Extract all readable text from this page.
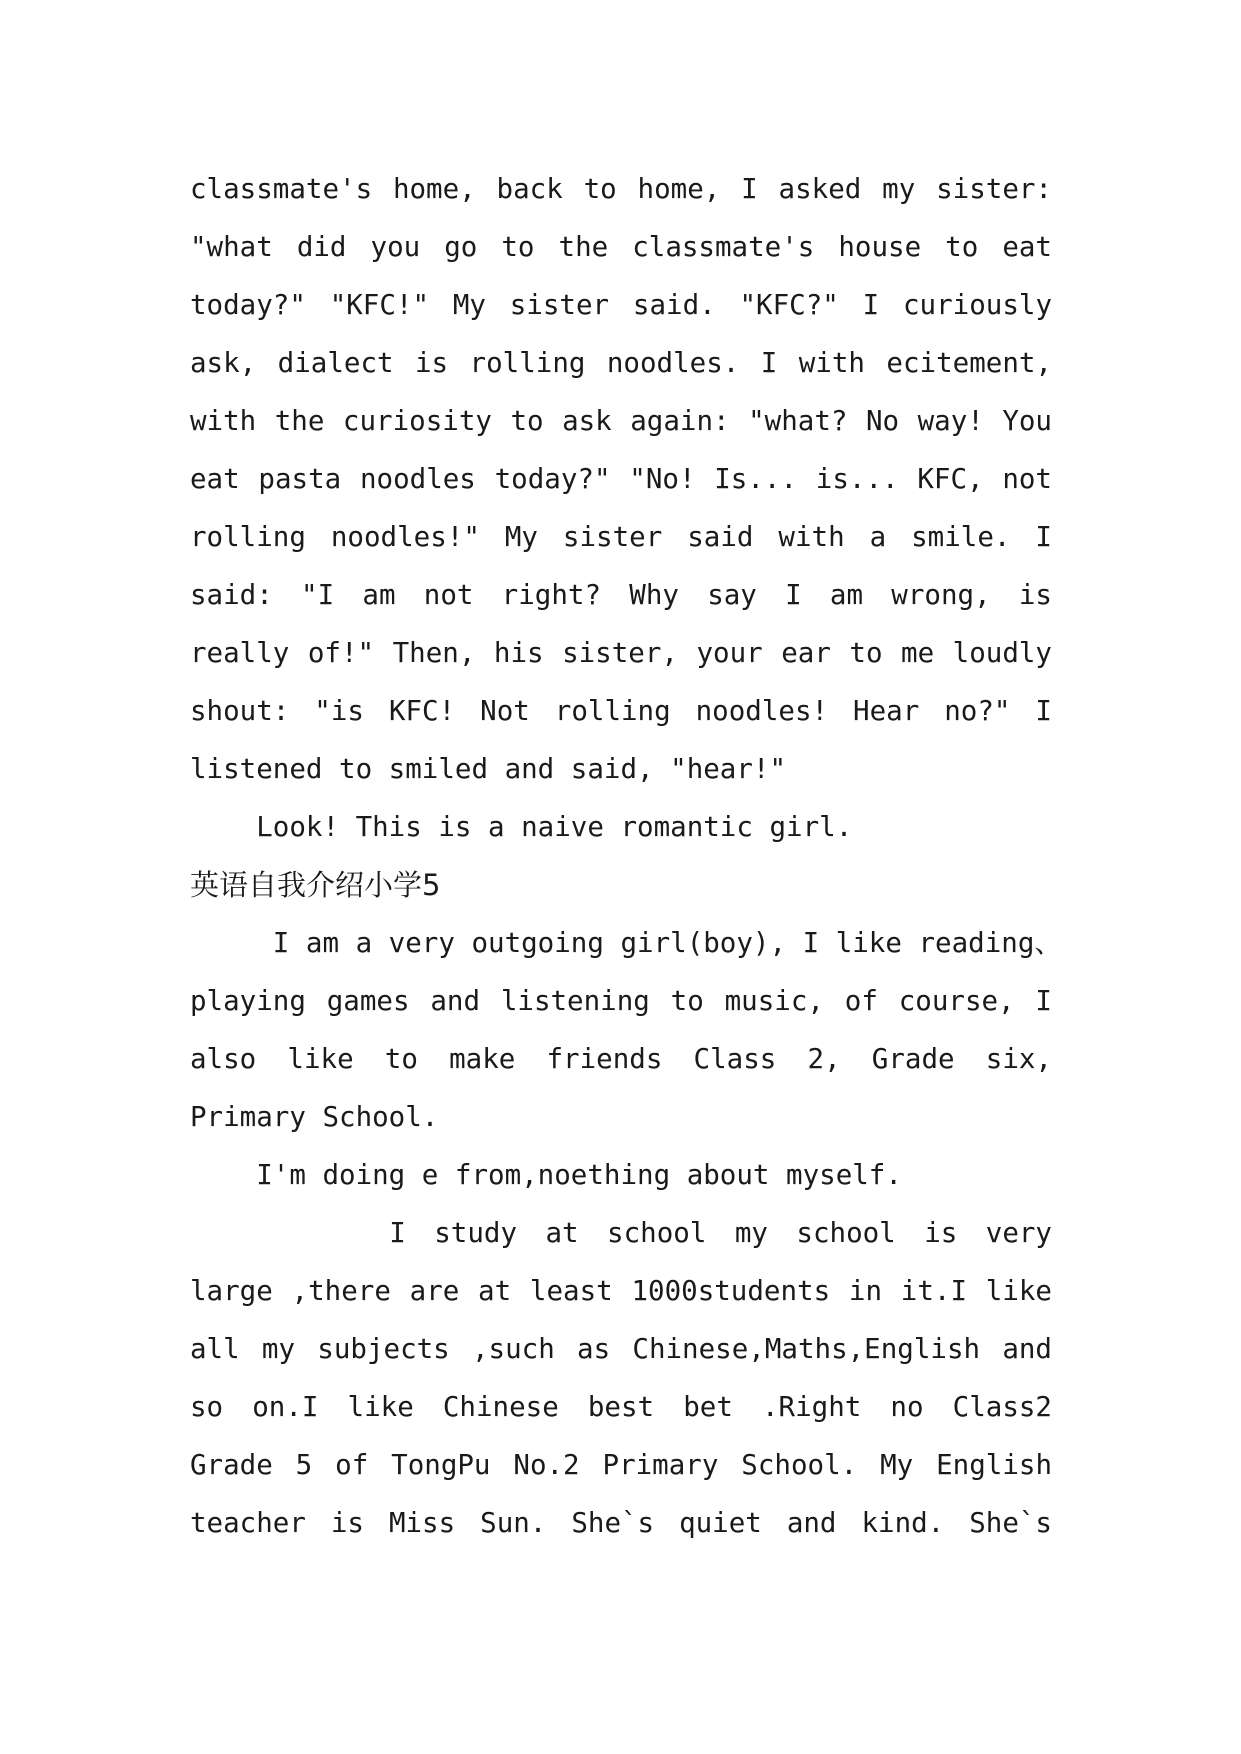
classmate's home, back to home, I asked my sister:
"what did you go to the classmate's house to eat
today?" "KFC!" My sister said. "KFC?" I curiously
ask, dialect is rolling noodles. I with ecitement,
with the curiosity to ask again: "what? No way! You
eat pasta noodles today?" "No! Is... is... KFC, not
rolling noodles!" My sister said with a smile. I
said: "I am not right? Why say I am wrong, is
really of!" Then, his sister, your ear to me loudly
shout: "is KFC! Not rolling noodles! Hear no?" I
listened to smiled and said, "hear!"
Look! This is a naive romantic girl.
英语自我介绍小学5
I am a very outgoing girl(boy), I like reading、
playing games and listening to music, of course, I
also like to make friends Class 2, Grade six,
Primary School.
I'm doing e from,noething about myself.
I study at school my school is very
large ,there are at least 1000students in it.I like
all my subjects ,such as Chinese,Maths,English and
so on.I like Chinese best bet .Right no Class2
Grade 5 of TongPu No.2 Primary School. My English
teacher is Miss Sun. She`s quiet and kind. She`s
